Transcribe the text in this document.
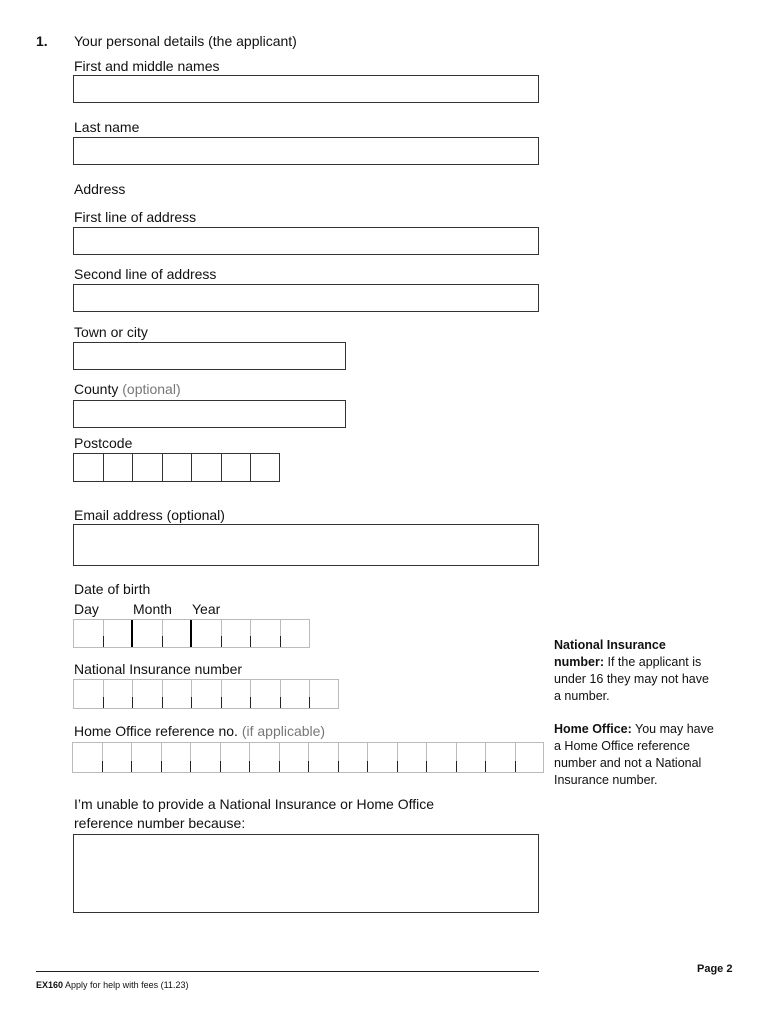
1. Your personal details (the applicant)
First and middle names
Last name
Address
First line of address
Second line of address
Town or city
County (optional)
Postcode
Email address (optional)
Date of birth
Day Month Year
National Insurance number
Home Office reference no. (if applicable)
I’m unable to provide a National Insurance or Home Office
reference number because:
National Insurance
number: If the applicant is
under 16 they may not have
a number.
Home Office: You may have
a Home Office reference
number and not a National
Insurance number.
EX160 Apply for help with fees (11.23)
Page 2
